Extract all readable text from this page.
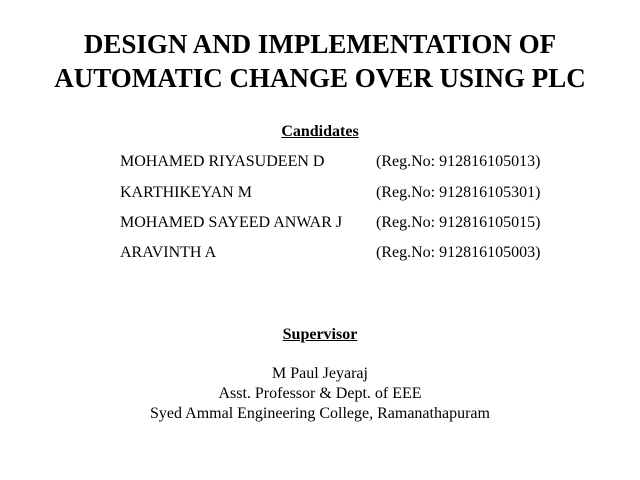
DESIGN AND IMPLEMENTATION OF
AUTOMATIC CHANGE OVER USING PLC
Candidates
MOHAMED RIYASUDEEN D	(Reg.No: 912816105013)
KARTHIKEYAN M	(Reg.No: 912816105301)
MOHAMED SAYEED ANWAR J (Reg.No: 912816105015)
ARAVINTH A	(Reg.No: 912816105003)
Supervisor
M Paul Jeyaraj
Asst. Professor & Dept. of EEE
Syed Ammal Engineering College, Ramanathapuram
